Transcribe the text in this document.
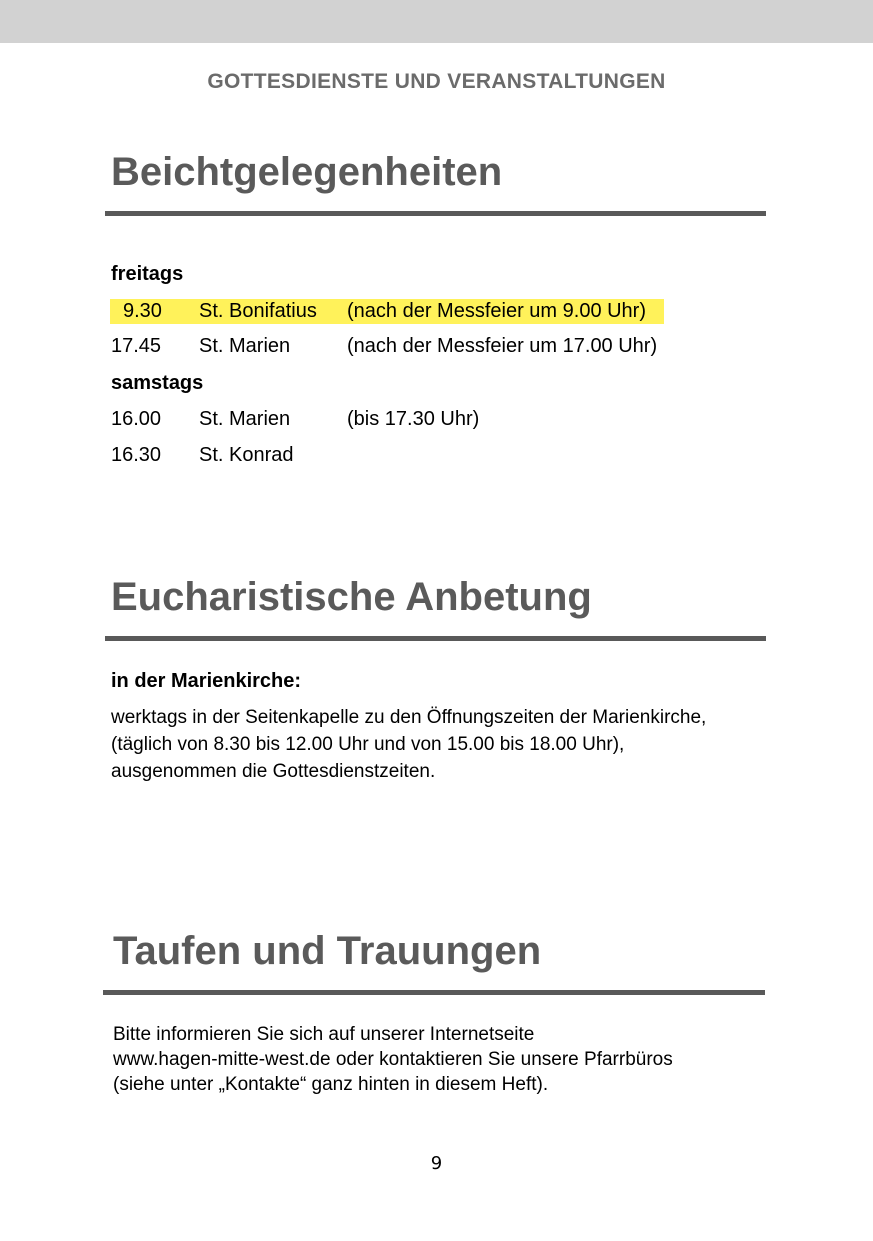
GOTTESDIENSTE UND VERANSTALTUNGEN
Beichtgelegenheiten
freitags
9.30 St. Bonifatius (nach der Messfeier um 9.00 Uhr)
17.45 St. Marien	(nach der Messfeier um 17.00 Uhr)
samstags
16.00 St. Marien	(bis 17.30 Uhr)
16.30 St. Konrad
Eucharistische Anbetung
in der Marienkirche:
werktags in der Seitenkapelle zu den Öffnungszeiten der Marienkirche,
(täglich von 8.30 bis 12.00 Uhr und von 15.00 bis 18.00 Uhr),
ausgenommen die Gottesdienstzeiten.
Taufen und Trauungen
Bitte informieren Sie sich auf unserer Internetseite
www.hagen-mitte-west.de oder kontaktieren Sie unsere Pfarrbüros
(siehe unter „Kontakte“ ganz hinten in diesem Heft).
9
